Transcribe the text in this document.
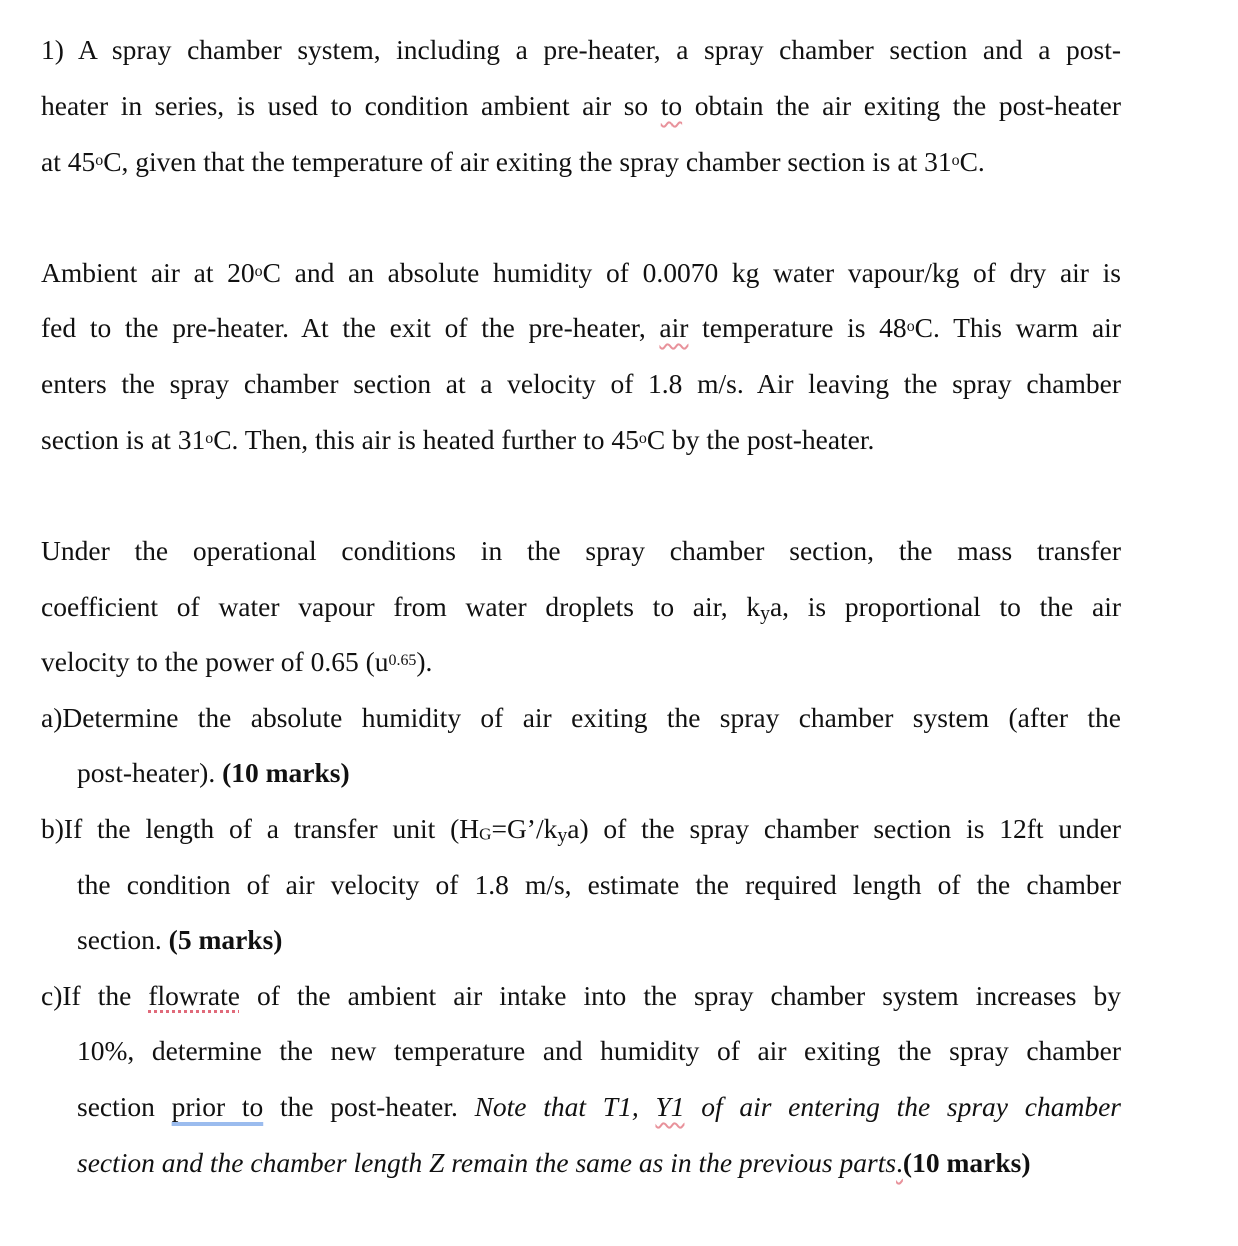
1) A spray chamber system, including a pre-heater, a spray chamber section and a post-
heater in series, is used to condition ambient air so to obtain the air exiting the post-heater
at 45$^o$C, given that the temperature of air exiting the spray chamber section is at 31$^o$C.
Ambient air at 20$^o$C and an absolute humidity of 0.0070 kg water vapour/kg of dry air is
fed to the pre-heater. At the exit of the pre-heater, air temperature is 48$^o$C. This warm air
enters the spray chamber section at a velocity of 1.8 m/s. Air leaving the spray chamber
section is at 31$^o$C. Then, this air is heated further to 45$^o$C by the post-heater.
Under the operational conditions in the spray chamber section, the mass transfer
coefficient of water vapour from water droplets to air, $k_ya$, is proportional to the air
velocity to the power of 0.65 $(u^{0.65})$.
a)Determine the absolute humidity of air exiting the spray chamber system (after the
post-heater). (10 marks)
b)If the length of a transfer unit $(H_G=G’/k_ya)$ of the spray chamber section is 12ft under
the condition of air velocity of 1.8 m/s, estimate the required length of the chamber
section. (5 marks)
c)If the flowrate of the ambient air intake into the spray chamber system increases by
10%, determine the new temperature and humidity of air exiting the spray chamber
section prior to the post-heater. Note that T1, Y1 of air entering the spray chamber
section and the chamber length Z remain the same as in the previous parts.(10 marks)
